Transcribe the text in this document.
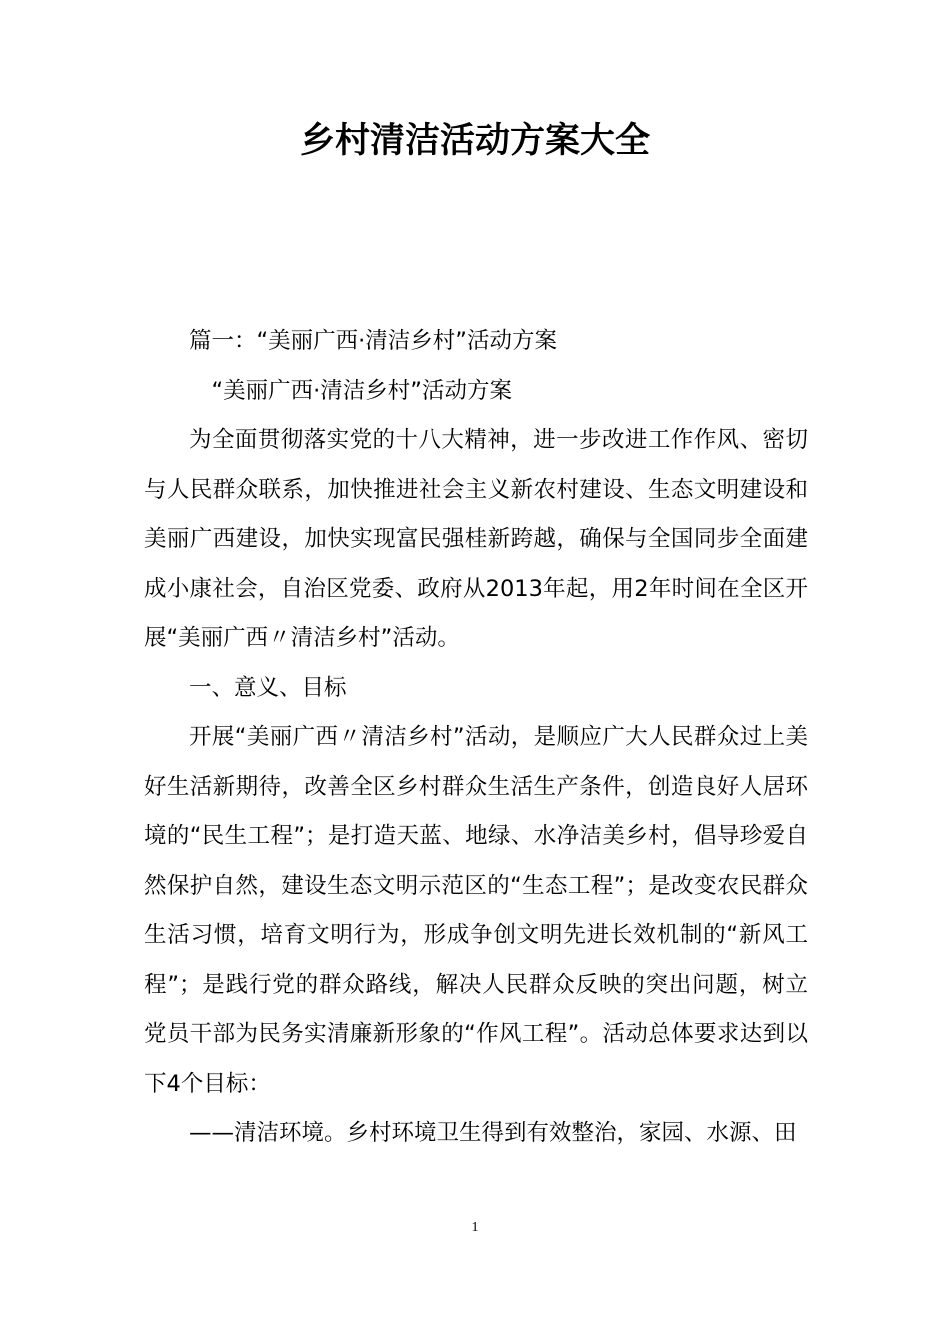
乡村清洁活动方案大全

篇一：“美丽广西·清洁乡村”活动方案

“美丽广西·清洁乡村”活动方案

为全面贯彻落实党的十八大精神，进一步改进工作作风、密切与人民群众联系，加快推进社会主义新农村建设、生态文明建设和美丽广西建设，加快实现富民强桂新跨越，确保与全国同步全面建成小康社会，自治区党委、政府从2013年起，用2年时间在全区开展“美丽广西〃清洁乡村”活动。

一、意义、目标

开展“美丽广西〃清洁乡村”活动，是顺应广大人民群众过上美好生活新期待，改善全区乡村群众生活生产条件，创造良好人居环境的“民生工程”；是打造天蓝、地绿、水净洁美乡村，倡导珍爱自然保护自然，建设生态文明示范区的“生态工程”；是改变农民群众生活习惯，培育文明行为，形成争创文明先进长效机制的“新风工程”；是践行党的群众路线，解决人民群众反映的突出问题，树立党员干部为民务实清廉新形象的“作风工程”。活动总体要求达到以下4个目标：

——清洁环境。乡村环境卫生得到有效整治，家园、水源、田

1
